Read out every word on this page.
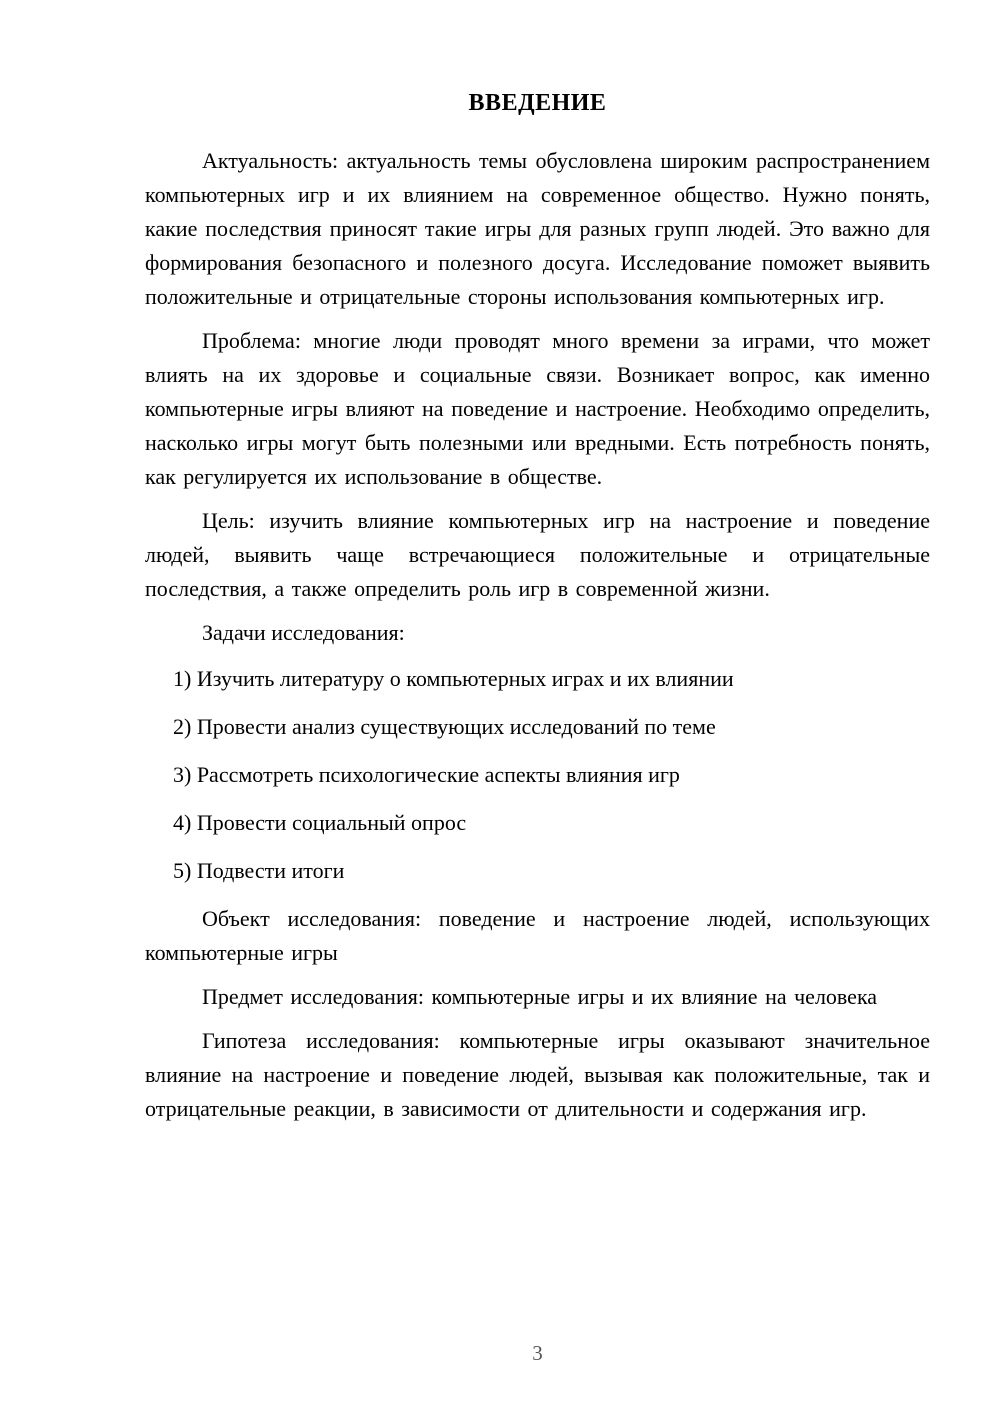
ВВЕДЕНИЕ

Актуальность: актуальность темы обусловлена широким распространением компьютерных игр и их влиянием на современное общество. Нужно понять, какие последствия приносят такие игры для разных групп людей. Это важно для формирования безопасного и полезного досуга. Исследование поможет выявить положительные и отрицательные стороны использования компьютерных игр.

Проблема: многие люди проводят много времени за играми, что может влиять на их здоровье и социальные связи. Возникает вопрос, как именно компьютерные игры влияют на поведение и настроение. Необходимо определить, насколько игры могут быть полезными или вредными. Есть потребность понять, как регулируется их использование в обществе.

Цель: изучить влияние компьютерных игр на настроение и поведение людей, выявить чаще встречающиеся положительные и отрицательные последствия, а также определить роль игр в современной жизни.

Задачи исследования:

1) Изучить литературу о компьютерных играх и их влиянии

2) Провести анализ существующих исследований по теме

3) Рассмотреть психологические аспекты влияния игр

4) Провести социальный опрос

5) Подвести итоги

Объект исследования: поведение и настроение людей, использующих компьютерные игры

Предмет исследования: компьютерные игры и их влияние на человека

Гипотеза исследования: компьютерные игры оказывают значительное влияние на настроение и поведение людей, вызывая как положительные, так и отрицательные реакции, в зависимости от длительности и содержания игр.

3
